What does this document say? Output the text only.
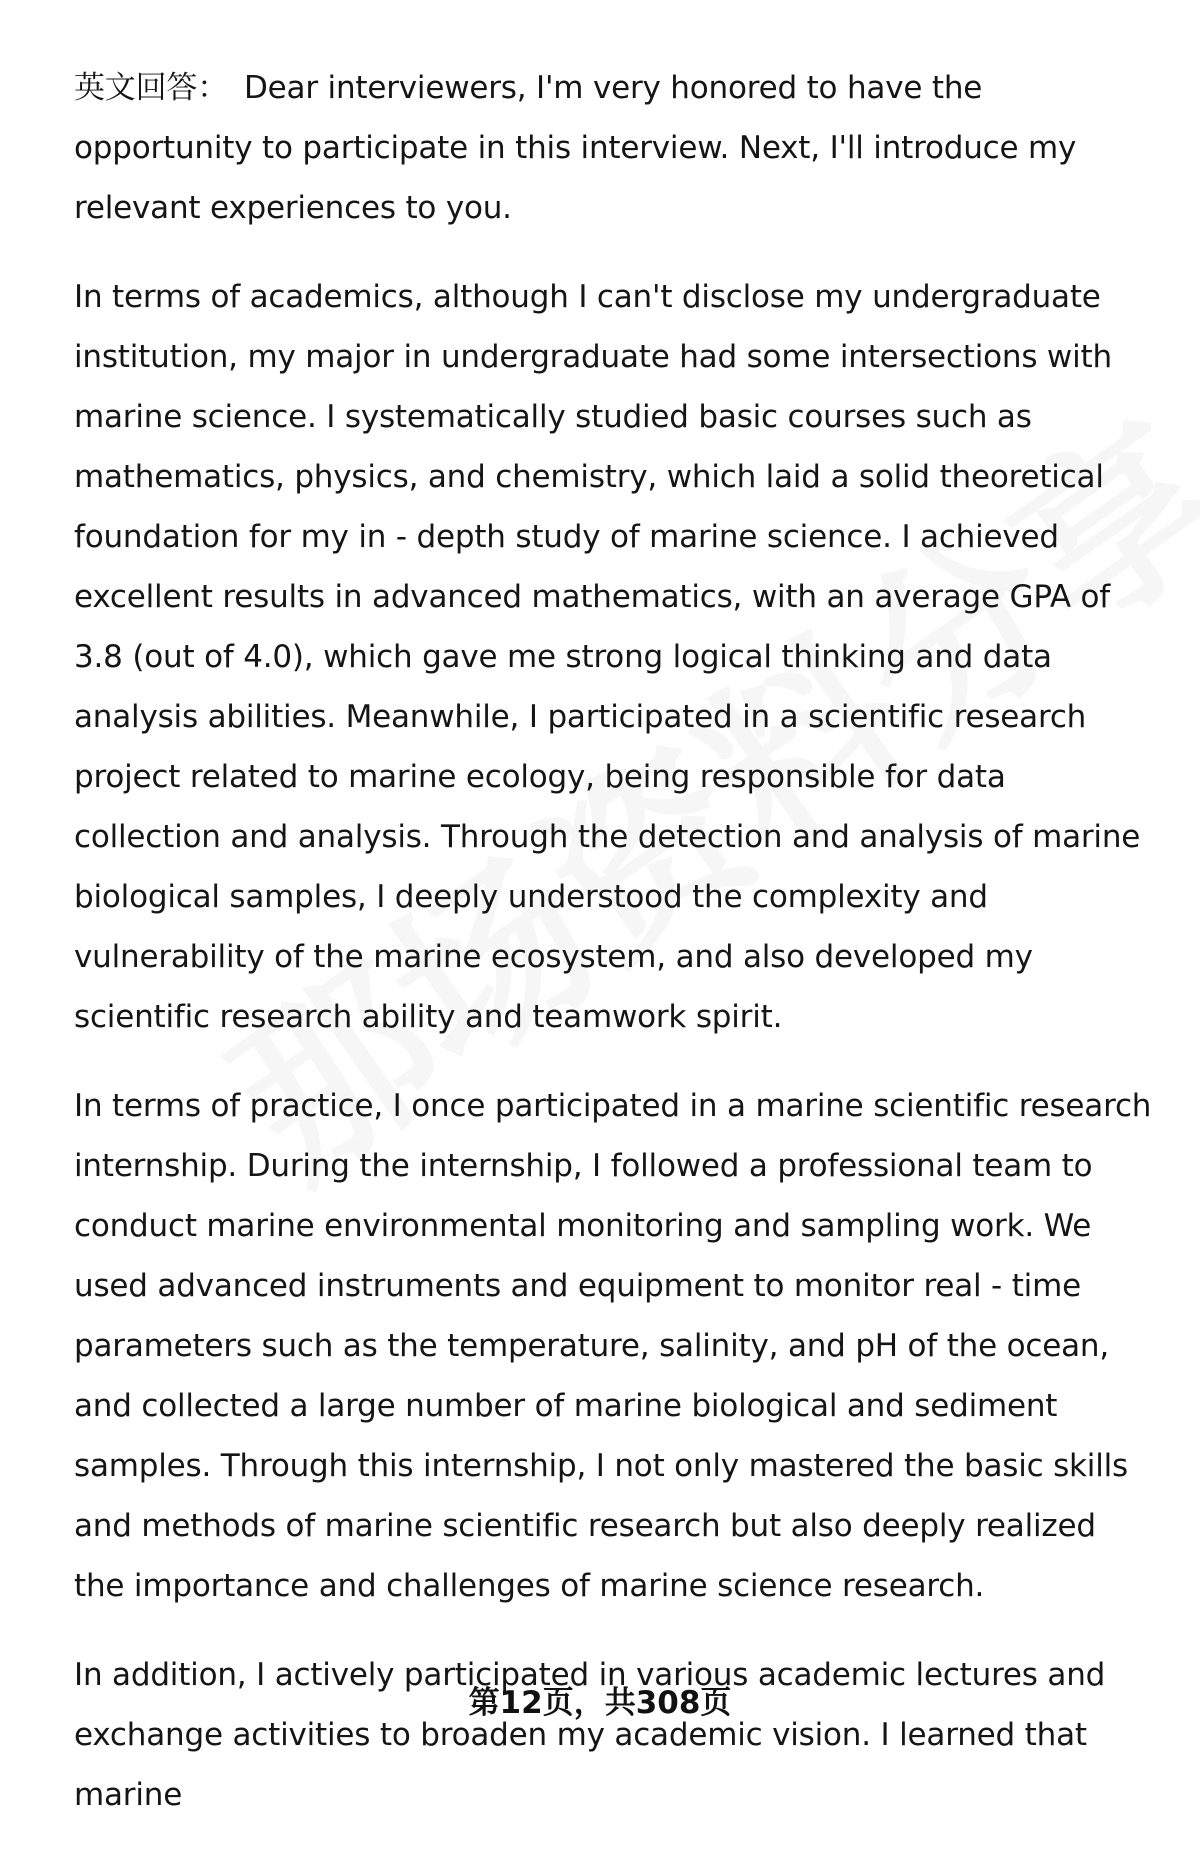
英文回答： Dear interviewers, I'm very honored to have the opportunity to participate in this interview. Next, I'll introduce my relevant experiences to you.

In terms of academics, although I can't disclose my undergraduate institution, my major in undergraduate had some intersections with marine science. I systematically studied basic courses such as mathematics, physics, and chemistry, which laid a solid theoretical foundation for my in - depth study of marine science. I achieved excellent results in advanced mathematics, with an average GPA of 3.8 (out of 4.0), which gave me strong logical thinking and data analysis abilities. Meanwhile, I participated in a scientific research project related to marine ecology, being responsible for data collection and analysis. Through the detection and analysis of marine biological samples, I deeply understood the complexity and vulnerability of the marine ecosystem, and also developed my scientific research ability and teamwork spirit.

In terms of practice, I once participated in a marine scientific research internship. During the internship, I followed a professional team to conduct marine environmental monitoring and sampling work. We used advanced instruments and equipment to monitor real - time parameters such as the temperature, salinity, and pH of the ocean, and collected a large number of marine biological and sediment samples. Through this internship, I not only mastered the basic skills and methods of marine scientific research but also deeply realized the importance and challenges of marine science research.

In addition, I actively participated in various academic lectures and exchange activities to broaden my academic vision. I learned that marine

第12页，共308页
